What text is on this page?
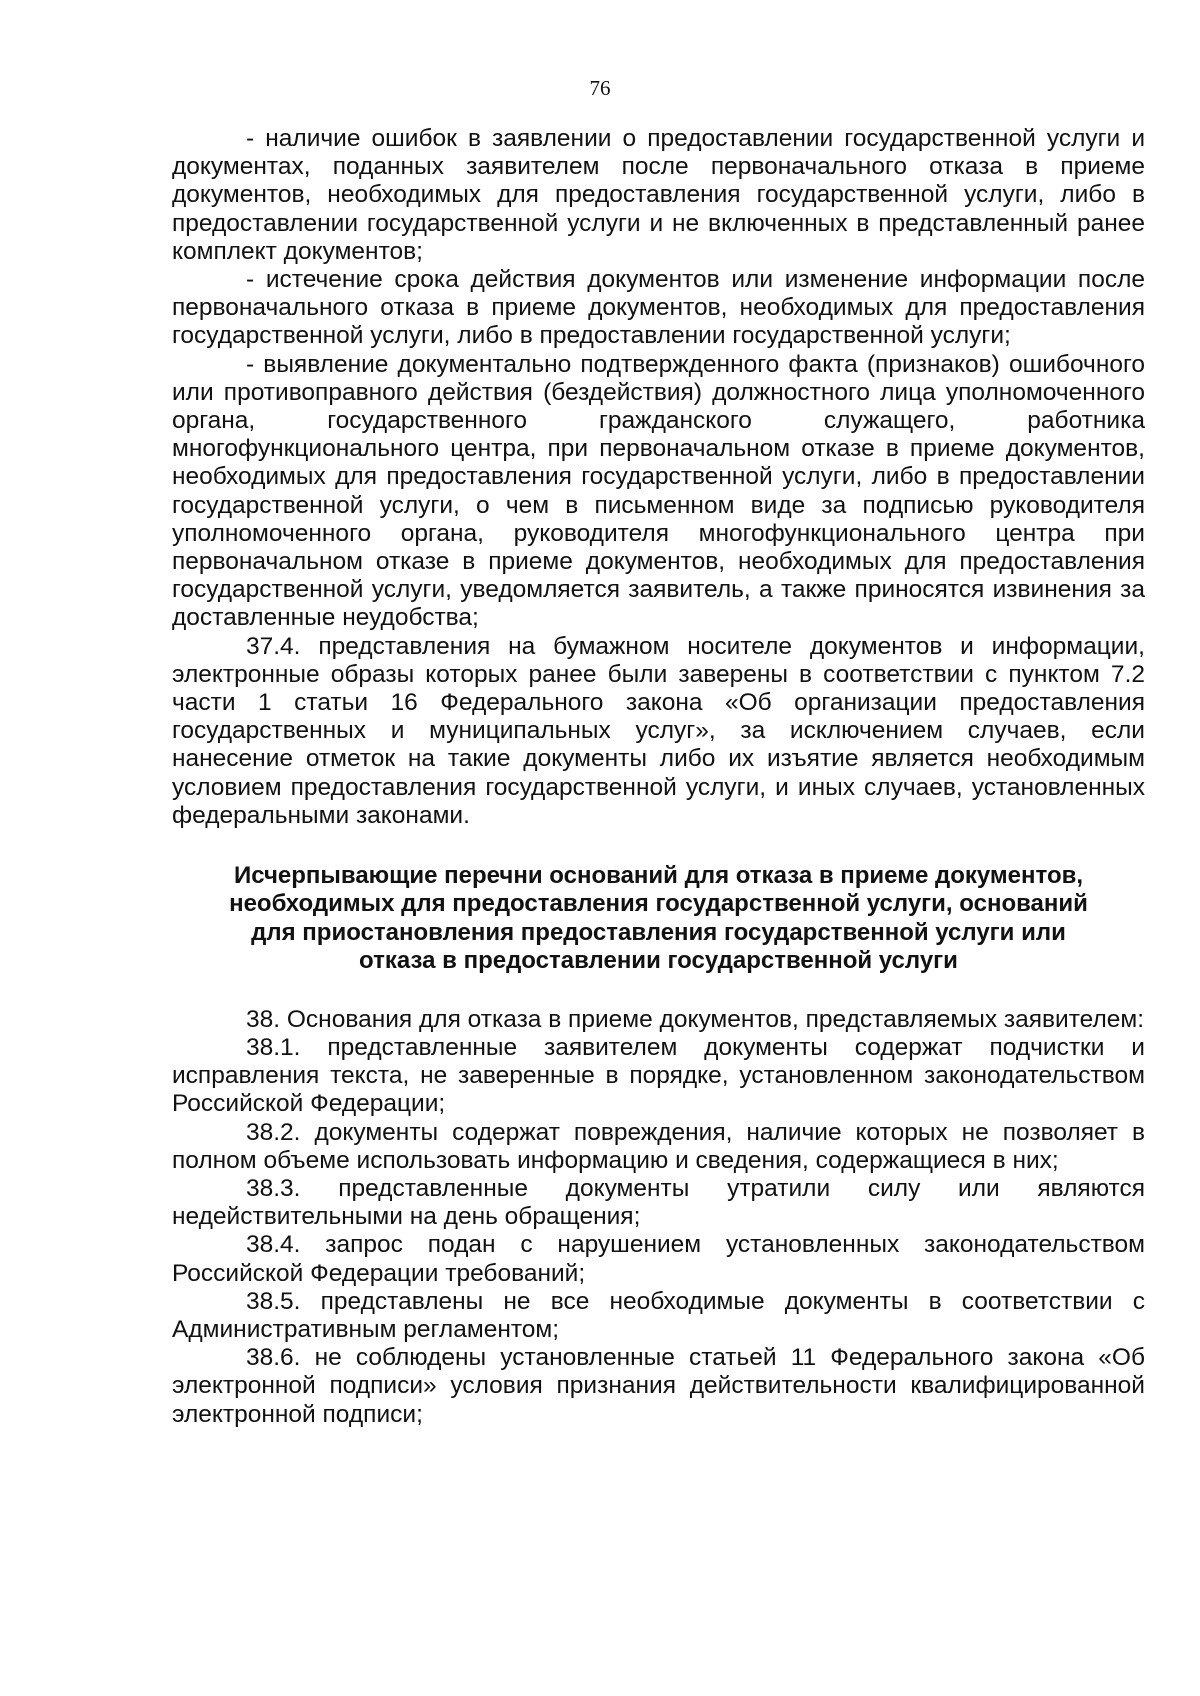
76

- наличие ошибок в заявлении о предоставлении государственной услуги и документах, поданных заявителем после первоначального отказа в приеме документов, необходимых для предоставления государственной услуги, либо в предоставлении государственной услуги и не включенных в представленный ранее комплект документов;

- истечение срока действия документов или изменение информации после первоначального отказа в приеме документов, необходимых для предоставления государственной услуги, либо в предоставлении государственной услуги;

- выявление документально подтвержденного факта (признаков) ошибочного или противоправного действия (бездействия) должностного лица уполномоченного органа, государственного гражданского служащего, работника многофункционального центра, при первоначальном отказе в приеме документов, необходимых для предоставления государственной услуги, либо в предоставлении государственной услуги, о чем в письменном виде за подписью руководителя уполномоченного органа, руководителя многофункционального центра при первоначальном отказе в приеме документов, необходимых для предоставления государственной услуги, уведомляется заявитель, а также приносятся извинения за доставленные неудобства;

37.4. представления на бумажном носителе документов и информации, электронные образы которых ранее были заверены в соответствии с пунктом 7.2 части 1 статьи 16 Федерального закона «Об организации предоставления государственных и муниципальных услуг», за исключением случаев, если нанесение отметок на такие документы либо их изъятие является необходимым условием предоставления государственной услуги, и иных случаев, установленных федеральными законами.

Исчерпывающие перечни оснований для отказа в приеме документов, необходимых для предоставления государственной услуги, оснований для приостановления предоставления государственной услуги или отказа в предоставлении государственной услуги

38. Основания для отказа в приеме документов, представляемых заявителем:

38.1. представленные заявителем документы содержат подчистки и исправления текста, не заверенные в порядке, установленном законодательством Российской Федерации;

38.2. документы содержат повреждения, наличие которых не позволяет в полном объеме использовать информацию и сведения, содержащиеся в них;

38.3. представленные документы утратили силу или являются недействительными на день обращения;

38.4. запрос подан с нарушением установленных законодательством Российской Федерации требований;

38.5. представлены не все необходимые документы в соответствии с Административным регламентом;

38.6. не соблюдены установленные статьей 11 Федерального закона «Об электронной подписи» условия признания действительности квалифицированной электронной подписи;
